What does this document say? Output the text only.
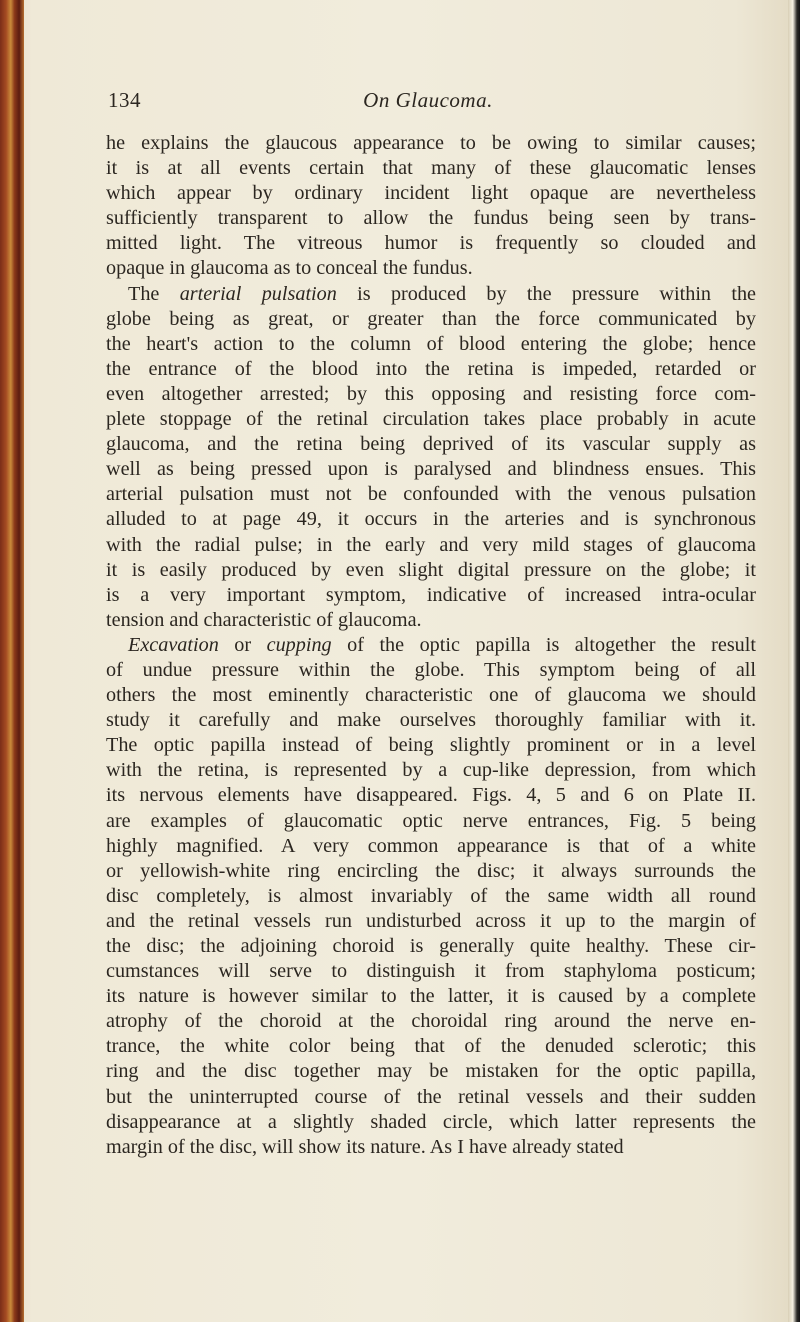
134	On Glaucoma.
he explains the glaucous appearance to be owing to similar causes;
it is at all events certain that many of these glaucomatic lenses
which appear by ordinary incident light opaque are nevertheless
sufficiently transparent to allow the fundus being seen by trans-
mitted light. The vitreous humor is frequently so clouded and
opaque in glaucoma as to conceal the fundus.
The arterial pulsation is produced by the pressure within the
globe being as great, or greater than the force communicated by
the heart's action to the column of blood entering the globe; hence
the entrance of the blood into the retina is impeded, retarded or
even altogether arrested; by this opposing and resisting force com-
plete stoppage of the retinal circulation takes place probably in acute
glaucoma, and the retina being deprived of its vascular supply as
well as being pressed upon is paralysed and blindness ensues. This
arterial pulsation must not be confounded with the venous pulsation
alluded to at page 49, it occurs in the arteries and is synchronous
with the radial pulse; in the early and very mild stages of glaucoma
it is easily produced by even slight digital pressure on the globe; it
is a very important symptom, indicative of increased intra-ocular
tension and characteristic of glaucoma.
Excavation or cupping of the optic papilla is altogether the result
of undue pressure within the globe. This symptom being of all
others the most eminently characteristic one of glaucoma we should
study it carefully and make ourselves thoroughly familiar with it.
The optic papilla instead of being slightly prominent or in a level
with the retina, is represented by a cup-like depression, from which
its nervous elements have disappeared. Figs. 4, 5 and 6 on Plate II.
are examples of glaucomatic optic nerve entrances, Fig. 5 being
highly magnified. A very common appearance is that of a white
or yellowish-white ring encircling the disc; it always surrounds the
disc completely, is almost invariably of the same width all round
and the retinal vessels run undisturbed across it up to the margin of
the disc; the adjoining choroid is generally quite healthy. These cir-
cumstances will serve to distinguish it from staphyloma posticum;
its nature is however similar to the latter, it is caused by a complete
atrophy of the choroid at the choroidal ring around the nerve en-
trance, the white color being that of the denuded sclerotic; this
ring and the disc together may be mistaken for the optic papilla,
but the uninterrupted course of the retinal vessels and their sudden
disappearance at a slightly shaded circle, which latter represents the
margin of the disc, will show its nature. As I have already stated
